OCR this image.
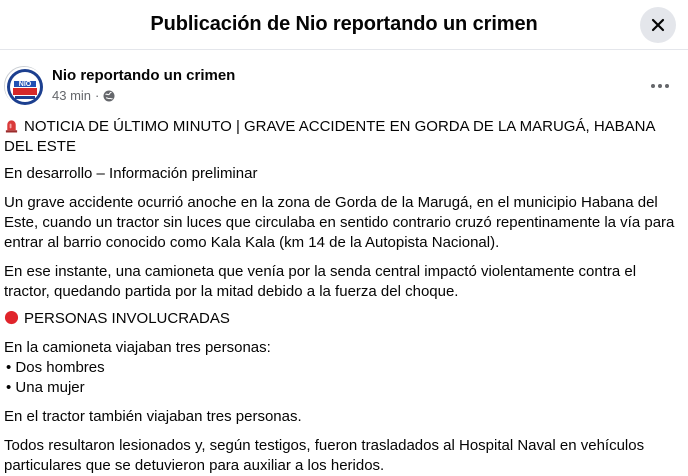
Publicación de Nio reportando un crimen
NIO
Nio reportando un crimen
43 min ·

NOTICIA DE ÚLTIMO MINUTO | GRAVE ACCIDENTE EN GORDA DE LA MARUGÁ, HABANA DEL ESTE

En desarrollo – Información preliminar

Un grave accidente ocurrió anoche en la zona de Gorda de la Marugá, en el municipio Habana del
Este, cuando un tractor sin luces que circulaba en sentido contrario cruzó repentinamente la vía para
entrar al barrio conocido como Kala Kala (km 14 de la Autopista Nacional).

En ese instante, una camioneta que venía por la senda central impactó violentamente contra el
tractor, quedando partida por la mitad debido a la fuerza del choque.

PERSONAS INVOLUCRADAS

En la camioneta viajaban tres personas:

• Dos hombres

• Una mujer

En el tractor también viajaban tres personas.

Todos resultaron lesionados y, según testigos, fueron trasladados al Hospital Naval en vehículos
particulares que se detuvieron para auxiliar a los heridos.
